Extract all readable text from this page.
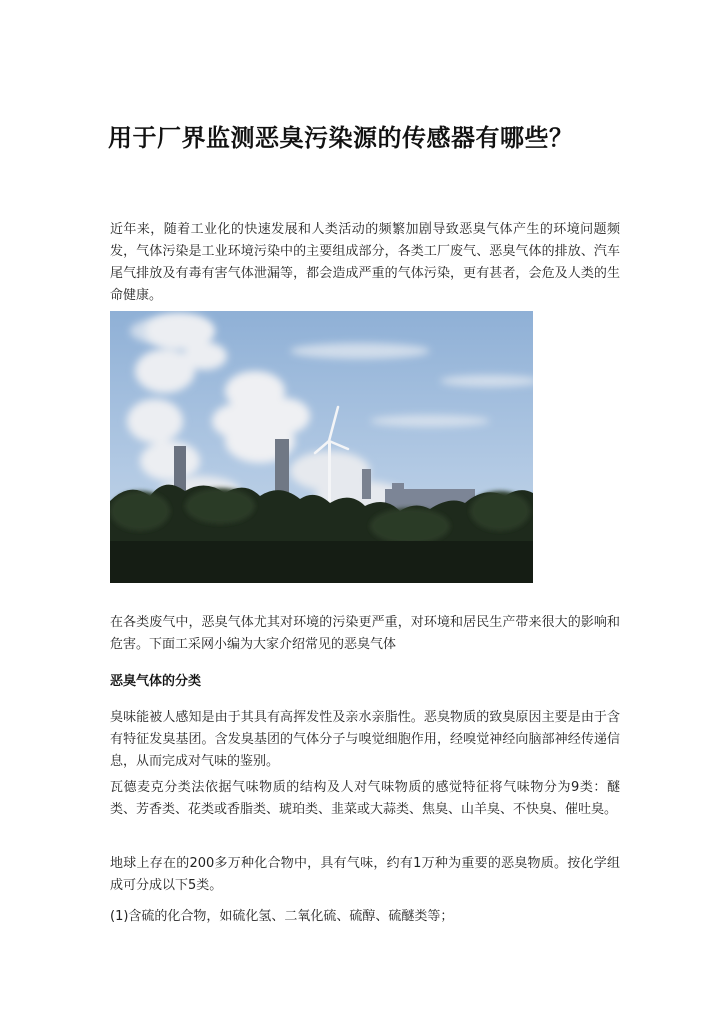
用于厂界监测恶臭污染源的传感器有哪些？

近年来，随着工业化的快速发展和人类活动的频繁加剧导致恶臭气体产生的环境问题频发，气体污染是工业环境污染中的主要组成部分，各类工厂废气、恶臭气体的排放、汽车尾气排放及有毒有害气体泄漏等，都会造成严重的气体污染，更有甚者，会危及人类的生命健康。

在各类废气中，恶臭气体尤其对环境的污染更严重，对环境和居民生产带来很大的影响和危害。下面工采网小编为大家介绍常见的恶臭气体

恶臭气体的分类

臭味能被人感知是由于其具有高挥发性及亲水亲脂性。恶臭物质的致臭原因主要是由于含有特征发臭基团。含发臭基团的气体分子与嗅觉细胞作用，经嗅觉神经向脑部神经传递信息，从而完成对气味的鉴别。

瓦德麦克分类法依据气味物质的结构及人对气味物质的感觉特征将气味物分为9类：醚类、芳香类、花类或香脂类、琥珀类、韭菜或大蒜类、焦臭、山羊臭、不快臭、催吐臭。

地球上存在的200多万种化合物中，具有气味，约有1万种为重要的恶臭物质。按化学组成可分成以下5类。

(1)含硫的化合物，如硫化氢、二氧化硫、硫醇、硫醚类等；
